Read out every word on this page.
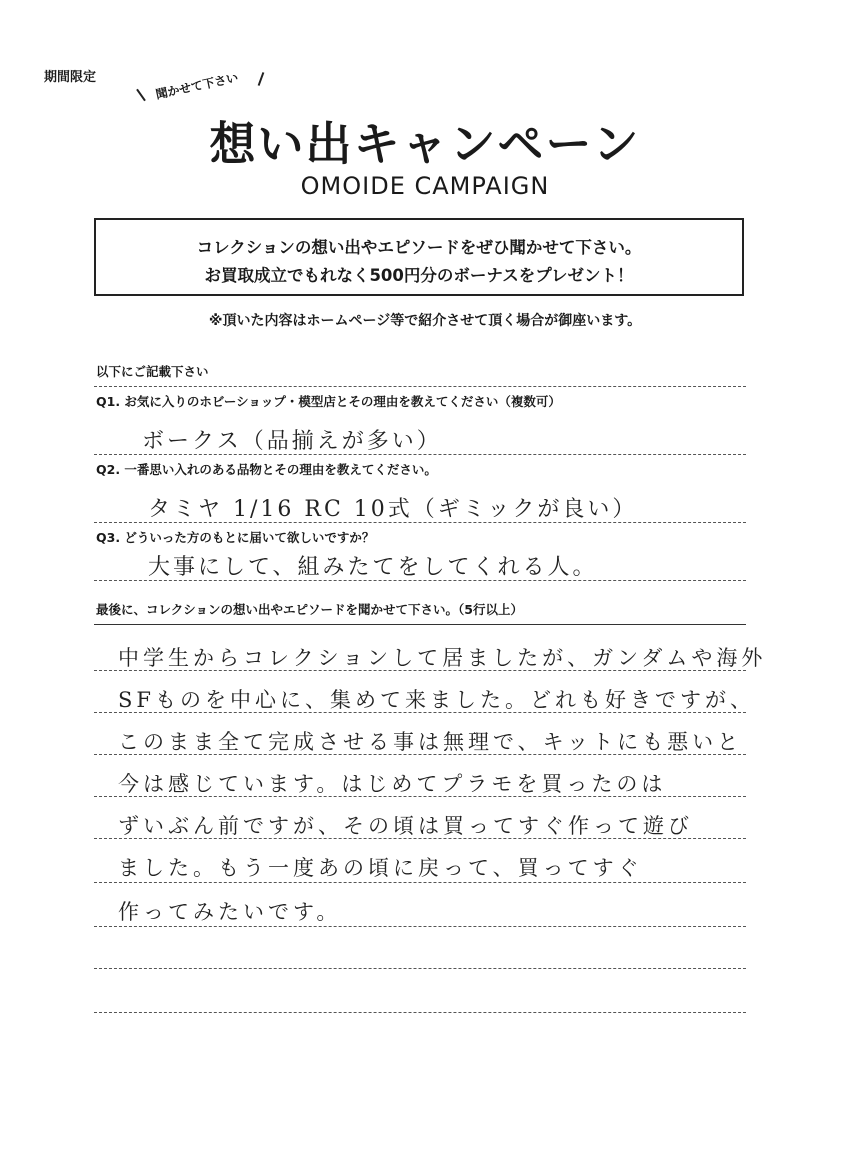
期間限定	聞かせて下さい
想い出キャンペーン
OMOIDE CAMPAIGN
コレクションの想い出やエピソードをぜひ聞かせて下さい。
お買取成立でもれなく500円分のボーナスをプレゼント！
※頂いた内容はホームページ等で紹介させて頂く場合が御座います。
以下にご記載下さい
Q1. お気に入りのホビーショップ・模型店とその理由を教えてください（複数可）
ボークス（品揃えが多い）
Q2. 一番思い入れのある品物とその理由を教えてください。
タミヤ 1/16 RC 10式（ギミックが良い）
Q3. どういった方のもとに届いて欲しいですか？
大事にして、組みたてをしてくれる人。
最後に、コレクションの想い出やエピソードを聞かせて下さい。（5行以上）
中学生からコレクションして居ましたが、ガンダムや海外
SFものを中心に、集めて来ました。どれも好きですが、
このまま全て完成させる事は無理で、キットにも悪いと
今は感じています。はじめてプラモを買ったのは
ずいぶん前ですが、その頃は買ってすぐ作って遊び
ました。もう一度あの頃に戻って、買ってすぐ
作ってみたいです。
